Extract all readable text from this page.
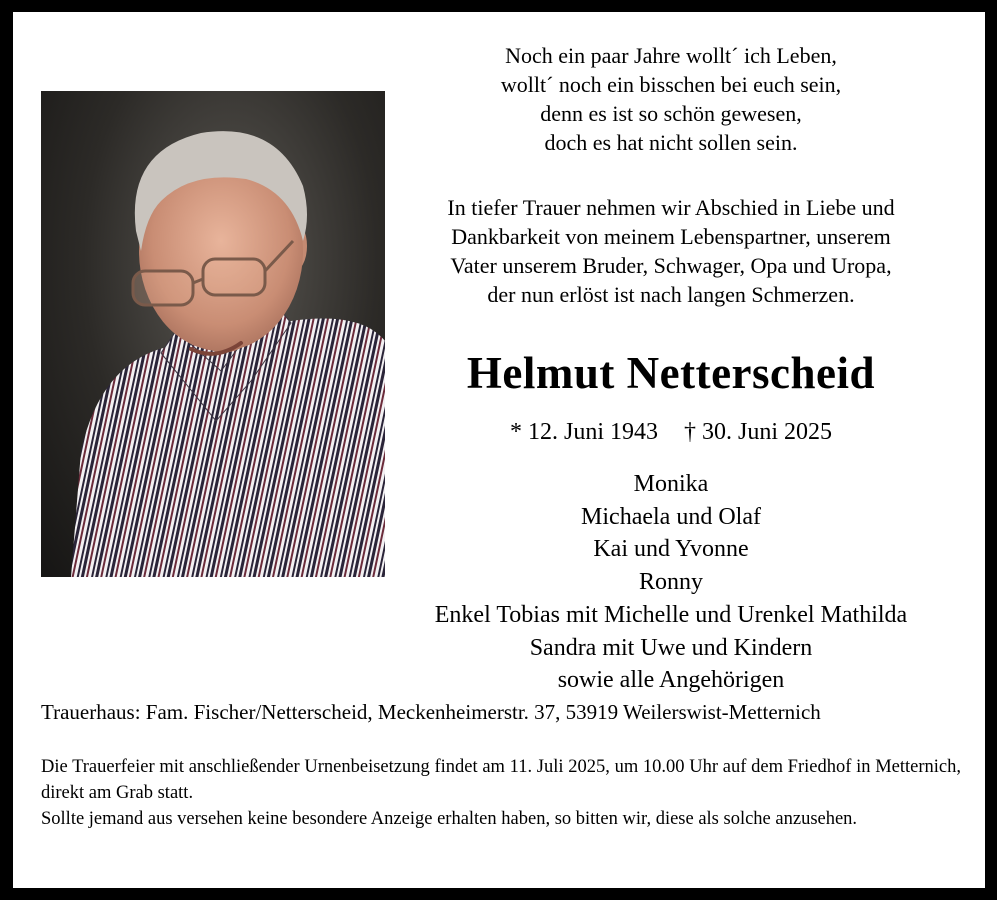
Noch ein paar Jahre wollt´ ich Leben,
wollt´ noch ein bisschen bei euch sein,
denn es ist so schön gewesen,
doch es hat nicht sollen sein.
In tiefer Trauer nehmen wir Abschied in Liebe und
Dankbarkeit von meinem Lebenspartner, unserem
Vater unserem Bruder, Schwager, Opa und Uropa,
der nun erlöst ist nach langen Schmerzen.
Helmut Netterscheid
* 12. Juni 1943 † 30. Juni 2025
Monika
Michaela und Olaf
Kai und Yvonne
Ronny
Enkel Tobias mit Michelle und Urenkel Mathilda
Sandra mit Uwe und Kindern
sowie alle Angehörigen
Trauerhaus: Fam. Fischer/Netterscheid, Meckenheimerstr. 37, 53919 Weilerswist-Metternich

Die Trauerfeier mit anschließender Urnenbeisetzung findet am 11. Juli 2025, um 10.00 Uhr auf dem Friedhof in Metternich, direkt am Grab statt.

Sollte jemand aus versehen keine besondere Anzeige erhalten haben, so bitten wir, diese als solche anzusehen.
